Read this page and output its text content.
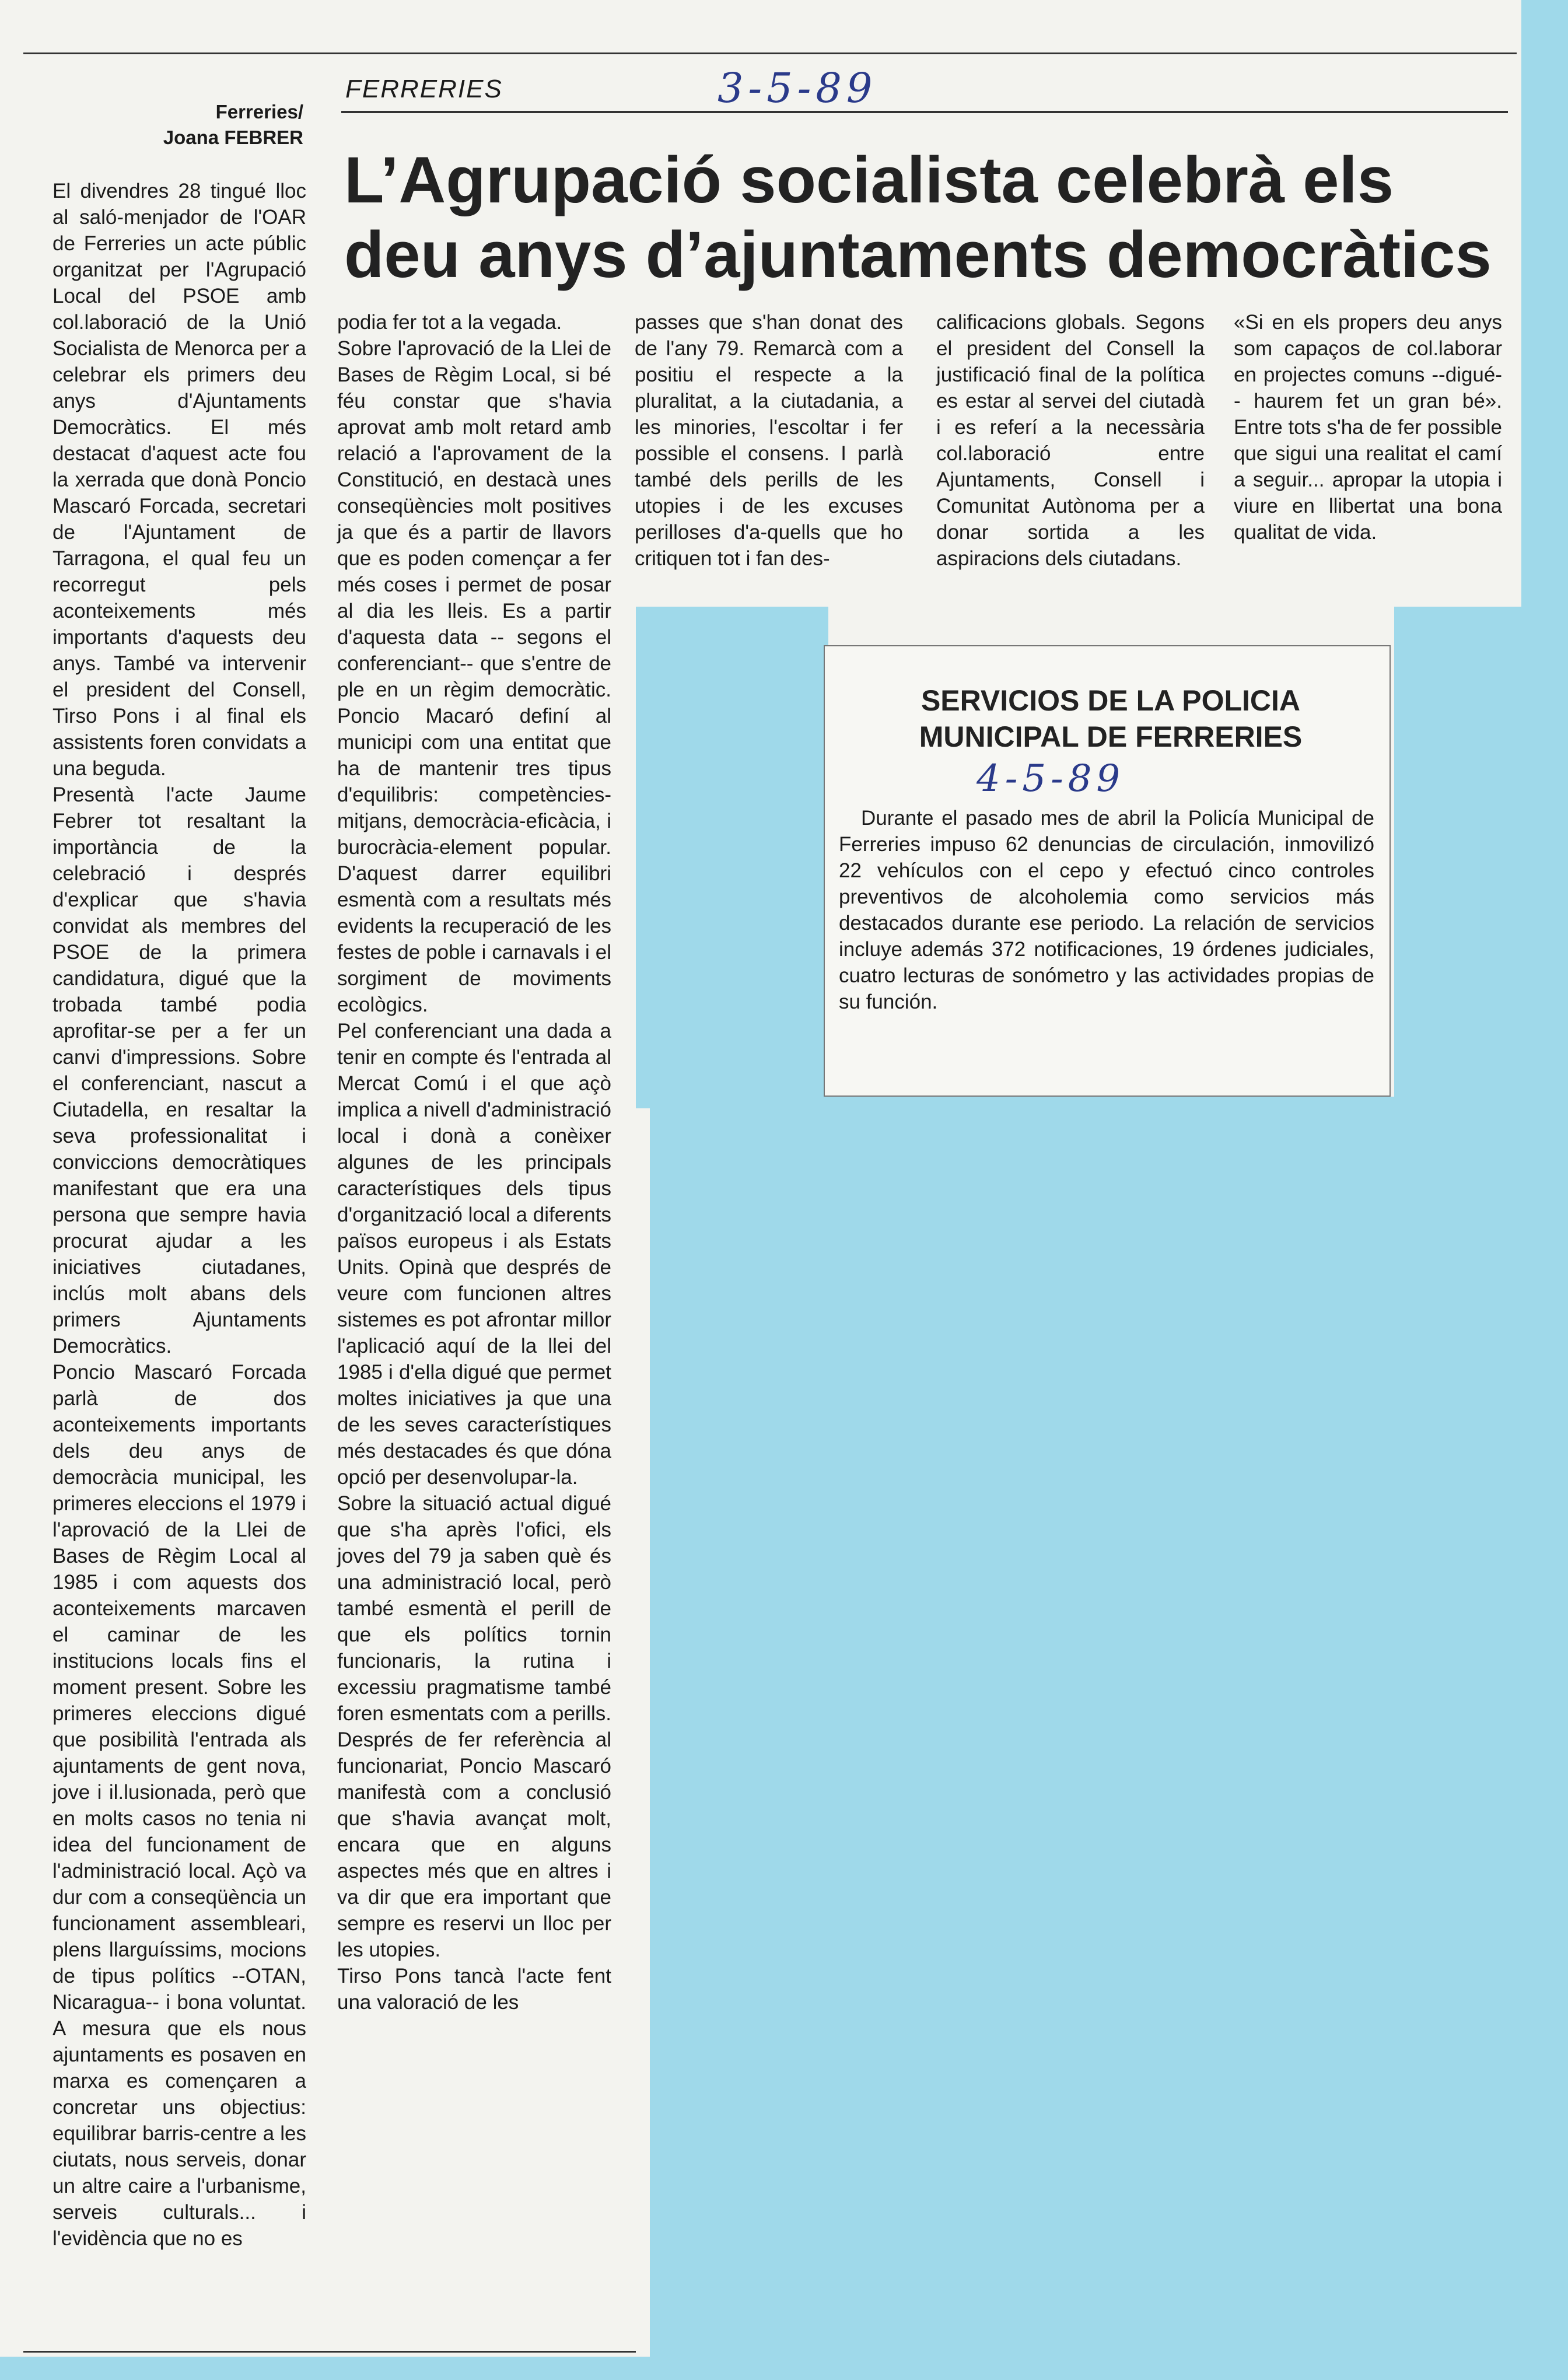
Ferreries/
Joana FEBRER
FERRERIES	3-5-89
L’Agrupació socialista celebrà els deu anys d’ajuntaments democràtics
El divendres 28 tingué lloc al saló-menjador de l'OAR de Ferreries un acte públic organitzat per l'Agrupació Local del PSOE amb col.laboració de la Unió Socialista de Menorca per a celebrar els primers deu anys d'Ajuntaments Democràtics. El més destacat d'aquest acte fou la xerrada que donà Poncio Mascaró Forcada, secretari de l'Ajuntament de Tarragona, el qual feu un recorregut pels aconteixements més importants d'aquests deu anys. També va intervenir el president del Consell, Tirso Pons i al final els assistents foren convidats a una beguda.
Presentà l'acte Jaume Febrer tot resaltant la importància de la celebració i després d'explicar que s'havia convidat als membres del PSOE de la primera candidatura, digué que la trobada també podia aprofitar-se per a fer un canvi d'impressions. Sobre el conferenciant, nascut a Ciutadella, en resaltar la seva professionalitat i conviccions democràtiques manifestant que era una persona que sempre havia procurat ajudar a les iniciatives ciutadanes, inclús molt abans dels primers Ajuntaments Democràtics.
Poncio Mascaró Forcada parlà de dos aconteixements importants dels deu anys de democràcia municipal, les primeres eleccions el 1979 i l'aprovació de la Llei de Bases de Règim Local al 1985 i com aquests dos aconteixements marcaven el caminar de les institucions locals fins el moment present. Sobre les primeres eleccions digué que posibilità l'entrada als ajuntaments de gent nova, jove i il.lusionada, però que en molts casos no tenia ni idea del funcionament de l'administració local. Açò va dur com a conseqüència un funcionament assembleari, plens llarguíssims, mocions de tipus polítics --OTAN, Nicaragua-- i bona voluntat. A mesura que els nous ajuntaments es posaven en marxa es començaren a concretar uns objectius: equilibrar barris-centre a les ciutats, nous serveis, donar un altre caire a l'urbanisme, serveis culturals... i l'evidència que no es
podia fer tot a la vegada.
Sobre l'aprovació de la Llei de Bases de Règim Local, si bé féu constar que s'havia aprovat amb molt retard amb relació a l'aprovament de la Constitució, en destacà unes conseqüències molt positives ja que és a partir de llavors que es poden començar a fer més coses i permet de posar al dia les lleis. Es a partir d'aquesta data -- segons el conferenciant-- que s'entre de ple en un règim democràtic. Poncio Macaró definí al municipi com una entitat que ha de mantenir tres tipus d'equilibris: competències-mitjans, democràcia-eficàcia, i burocràcia-element popular. D'aquest darrer equilibri esmentà com a resultats més evidents la recuperació de les festes de poble i carnavals i el sorgiment de moviments ecològics.
Pel conferenciant una dada a tenir en compte és l'entrada al Mercat Comú i el que açò implica a nivell d'administració local i donà a conèixer algunes de les principals característiques dels tipus d'organització local a diferents països europeus i als Estats Units. Opinà que després de veure com funcionen altres sistemes es pot afrontar millor l'aplicació aquí de la llei del 1985 i d'ella digué que permet moltes iniciatives ja que una de les seves característiques més destacades és que dóna opció per desenvolupar-la.
Sobre la situació actual digué que s'ha après l'ofici, els joves del 79 ja saben què és una administració local, però també esmentà el perill de que els polítics tornin funcionaris, la rutina i excessiu pragmatisme també foren esmentats com a perills. Després de fer referència al funcionariat, Poncio Mascaró manifestà com a conclusió que s'havia avançat molt, encara que en alguns aspectes més que en altres i va dir que era important que sempre es reservi un lloc per les utopies.
Tirso Pons tancà l'acte fent una valoració de les
passes que s'han donat des de l'any 79. Remarcà com a positiu el respecte a la pluralitat, a la ciutadania, a les minories, l'escoltar i fer possible el consens. I parlà també dels perills de les utopies i de les excuses perilloses d'a-quells que ho critiquen tot i fan des-
calificacions globals. Segons el president del Consell la justificació final de la política es estar al servei del ciutadà i es referí a la necessària col.laboració entre Ajuntaments, Consell i Comunitat Autònoma per a donar sortida a les aspiracions dels ciutadans.
«Si en els propers deu anys som capaços de col.laborar en projectes comuns --digué-- haurem fet un gran bé». Entre tots s'ha de fer possible que sigui una realitat el camí a seguir... apropar la utopia i viure en llibertat una bona qualitat de vida.
SERVICIOS DE LA POLICIA MUNICIPAL DE FERRERIES
4-5-89
Durante el pasado mes de abril la Policía Municipal de Ferreries impuso 62 denuncias de circulación, inmovilizó 22 vehículos con el cepo y efectuó cinco controles preventivos de alcoholemia como servicios más destacados durante ese periodo. La relación de servicios incluye además 372 notificaciones, 19 órdenes judiciales, cuatro lecturas de sonómetro y las actividades propias de su función.
